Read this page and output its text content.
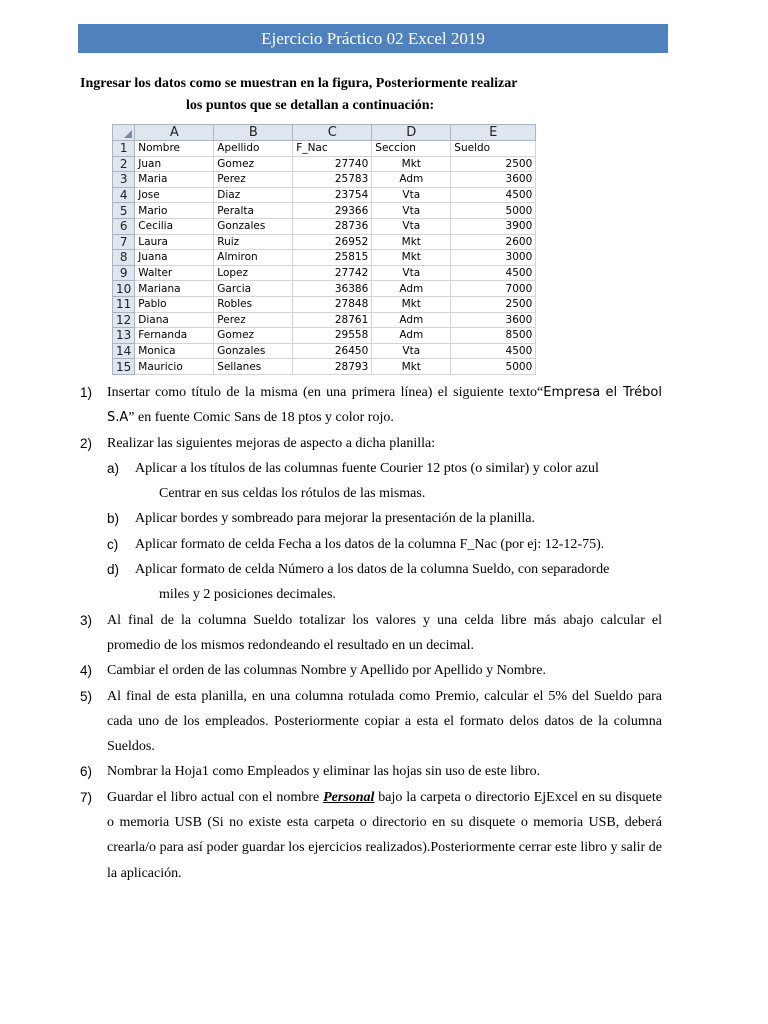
Ejercicio Práctico 02 Excel 2019
Ingresar los datos como se muestran en la figura, Posteriormente realizar
los puntos que se detallan a continuación:
	A	B	C	D	E
1	Nombre	Apellido	F_Nac	Seccion	Sueldo
2	Juan	Gomez	27740	Mkt	2500
3	Maria	Perez	25783	Adm	3600
4	Jose	Diaz	23754	Vta	4500
5	Mario	Peralta	29366	Vta	5000
6	Cecilia	Gonzales	28736	Vta	3900
7	Laura	Ruiz	26952	Mkt	2600
8	Juana	Almiron	25815	Mkt	3000
9	Walter	Lopez	27742	Vta	4500
10	Mariana	Garcia	36386	Adm	7000
11	Pablo	Robles	27848	Mkt	2500
12	Diana	Perez	28761	Adm	3600
13	Fernanda	Gomez	29558	Adm	8500
14	Monica	Gonzales	26450	Vta	4500
15	Mauricio	Sellanes	28793	Mkt	5000
1) Insertar como título de la misma (en una primera línea) el siguiente texto“Empresa el Trébol S.A” en fuente Comic Sans de 18 ptos y color rojo.
2) Realizar las siguientes mejoras de aspecto a dicha planilla:
a) Aplicar a los títulos de las columnas fuente Courier 12 ptos (o similar) y color azul
Centrar en sus celdas los rótulos de las mismas.
b) Aplicar bordes y sombreado para mejorar la presentación de la planilla.
c) Aplicar formato de celda Fecha a los datos de la columna F_Nac (por ej: 12-12-75).
d) Aplicar formato de celda Número a los datos de la columna Sueldo, con separadorde
miles y 2 posiciones decimales.
3) Al final de la columna Sueldo totalizar los valores y una celda libre más abajo calcular el promedio de los mismos redondeando el resultado en un decimal.
4) Cambiar el orden de las columnas Nombre y Apellido por Apellido y Nombre.
5) Al final de esta planilla, en una columna rotulada como Premio, calcular el 5% del Sueldo para cada uno de los empleados. Posteriormente copiar a esta el formato delos datos de la columna Sueldos.
6) Nombrar la Hoja1 como Empleados y eliminar las hojas sin uso de este libro.
7) Guardar el libro actual con el nombre Personal bajo la carpeta o directorio EjExcel en su disquete o memoria USB (Si no existe esta carpeta o directorio en su disquete o memoria USB, deberá crearla/o para así poder guardar los ejercicios realizados).Posteriormente cerrar este libro y salir de la aplicación.
